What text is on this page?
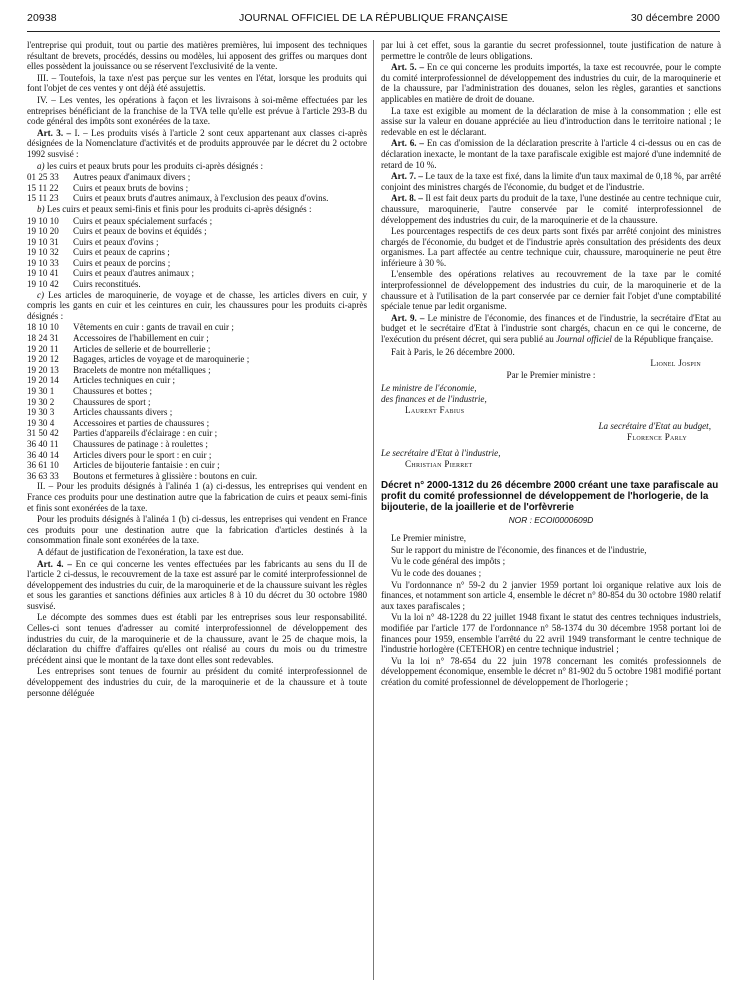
20938	JOURNAL OFFICIEL DE LA RÉPUBLIQUE FRANÇAISE	30 décembre 2000

l'entreprise qui produit, tout ou partie des matières premières, lui imposent des techniques résultant de brevets, procédés, dessins ou modèles, lui apposent des griffes ou marques dont elles possèdent la jouissance ou se réservent l'exclusivité de la vente.

III. – Toutefois, la taxe n'est pas perçue sur les ventes en l'état, lorsque les produits qui font l'objet de ces ventes y ont déjà été assujettis.

IV. – Les ventes, les opérations à façon et les livraisons à soi-même effectuées par les entreprises bénéficiant de la franchise de la TVA telle qu'elle est prévue à l'article 293-B du code général des impôts sont exonérées de la taxe.

Art. 3. – I. – Les produits visés à l'article 2 sont ceux appartenant aux classes ci-après désignées de la Nomenclature d'activités et de produits approuvée par le décret du 2 octobre 1992 susvisé :

a) les cuirs et peaux bruts pour les produits ci-après désignés :

01 25 33 Autres peaux d'animaux divers ;
15 11 22 Cuirs et peaux bruts de bovins ;
15 11 23 Cuirs et peaux bruts d'autres animaux, à l'exclusion des peaux d'ovins.

b) Les cuirs et peaux semi-finis et finis pour les produits ci-après désignés :

19 10 10 Cuirs et peaux spécialement surfacés ;
19 10 20 Cuirs et peaux de bovins et équidés ;
19 10 31 Cuirs et peaux d'ovins ;
19 10 32 Cuirs et peaux de caprins ;
19 10 33 Cuirs et peaux de porcins ;
19 10 41 Cuirs et peaux d'autres animaux ;
19 10 42 Cuirs reconstitués.

c) Les articles de maroquinerie, de voyage et de chasse, les articles divers en cuir, y compris les gants en cuir et les ceintures en cuir, les chaussures pour les produits ci-après désignés :

18 10 10 Vêtements en cuir : gants de travail en cuir ;
18 24 31 Accessoires de l'habillement en cuir ;
19 20 11 Articles de sellerie et de bourrellerie ;
19 20 12 Bagages, articles de voyage et de maroquinerie ;
19 20 13 Bracelets de montre non métalliques ;
19 20 14 Articles techniques en cuir ;
19 30 1 Chaussures et bottes ;
19 30 2 Chaussures de sport ;
19 30 3 Articles chaussants divers ;
19 30 4 Accessoires et parties de chaussures ;
31 50 42 Parties d'appareils d'éclairage : en cuir ;
36 40 11 Chaussures de patinage : à roulettes ;
36 40 14 Articles divers pour le sport : en cuir ;
36 61 10 Articles de bijouterie fantaisie : en cuir ;
36 63 33 Boutons et fermetures à glissière : boutons en cuir.

II. – Pour les produits désignés à l'alinéa 1 (a) ci-dessus, les entreprises qui vendent en France ces produits pour une destination autre que la fabrication de cuirs et peaux semi-finis et finis sont exonérées de la taxe.

Pour les produits désignés à l'alinéa 1 (b) ci-dessus, les entreprises qui vendent en France ces produits pour une destination autre que la fabrication d'articles destinés à la consommation finale sont exonérées de la taxe.

A défaut de justification de l'exonération, la taxe est due.

Art. 4. – En ce qui concerne les ventes effectuées par les fabricants au sens du II de l'article 2 ci-dessus, le recouvrement de la taxe est assuré par le comité interprofessionnel de développement des industries du cuir, de la maroquinerie et de la chaussure suivant les règles et sous les garanties et sanctions définies aux articles 8 à 10 du décret du 30 octobre 1980 susvisé.

Le décompte des sommes dues est établi par les entreprises sous leur responsabilité. Celles-ci sont tenues d'adresser au comité interprofessionnel de développement des industries du cuir, de la maroquinerie et de la chaussure, avant le 25 de chaque mois, la déclaration du chiffre d'affaires qu'elles ont réalisé au cours du mois ou du trimestre précédent ainsi que le montant de la taxe dont elles sont redevables.

Les entreprises sont tenues de fournir au président du comité interprofessionnel de développement des industries du cuir, de la maroquinerie et de la chaussure et à toute personne déléguée

par lui à cet effet, sous la garantie du secret professionnel, toute justification de nature à permettre le contrôle de leurs obligations.

Art. 5. – En ce qui concerne les produits importés, la taxe est recouvrée, pour le compte du comité interprofessionnel de développement des industries du cuir, de la maroquinerie et de la chaussure, par l'administration des douanes, selon les règles, garanties et sanctions applicables en matière de droit de douane.

La taxe est exigible au moment de la déclaration de mise à la consommation ; elle est assise sur la valeur en douane appréciée au lieu d'introduction dans le territoire national ; le redevable en est le déclarant.

Art. 6. – En cas d'omission de la déclaration prescrite à l'article 4 ci-dessus ou en cas de déclaration inexacte, le montant de la taxe parafiscale exigible est majoré d'une indemnité de retard de 10 %.

Art. 7. – Le taux de la taxe est fixé, dans la limite d'un taux maximal de 0,18 %, par arrêté conjoint des ministres chargés de l'économie, du budget et de l'industrie.

Art. 8. – Il est fait deux parts du produit de la taxe, l'une destinée au centre technique cuir, chaussure, maroquinerie, l'autre conservée par le comité interprofessionnel de développement des industries du cuir, de la maroquinerie et de la chaussure.

Les pourcentages respectifs de ces deux parts sont fixés par arrêté conjoint des ministres chargés de l'économie, du budget et de l'industrie après consultation des présidents des deux organismes. La part affectée au centre technique cuir, chaussure, maroquinerie ne peut être inférieure à 30 %.

L'ensemble des opérations relatives au recouvrement de la taxe par le comité interprofessionnel de développement des industries du cuir, de la maroquinerie et de la chaussure et à l'utilisation de la part conservée par ce dernier fait l'objet d'une comptabilité spéciale tenue par ledit organisme.

Art. 9. – Le ministre de l'économie, des finances et de l'industrie, la secrétaire d'Etat au budget et le secrétaire d'Etat à l'industrie sont chargés, chacun en ce qui le concerne, de l'exécution du présent décret, qui sera publié au Journal officiel de la République française.

Fait à Paris, le 26 décembre 2000.

Lionel Jospin

Par le Premier ministre :

Le ministre de l'économie,

des finances et de l'industrie,

Laurent Fabius

La secrétaire d'Etat au budget,

Florence Parly

Le secrétaire d'Etat à l'industrie,

Christian Pierret

Décret n° 2000-1312 du 26 décembre 2000 créant une taxe parafiscale au profit du comité professionnel de développement de l'horlogerie, de la bijouterie, de la joaillerie et de l'orfèvrerie

NOR : ECOI0000609D

Le Premier ministre,

Sur le rapport du ministre de l'économie, des finances et de l'industrie,

Vu le code général des impôts ;

Vu le code des douanes ;

Vu l'ordonnance n° 59-2 du 2 janvier 1959 portant loi organique relative aux lois de finances, et notamment son article 4, ensemble le décret n° 80-854 du 30 octobre 1980 relatif aux taxes parafiscales ;

Vu la loi n° 48-1228 du 22 juillet 1948 fixant le statut des centres techniques industriels, modifiée par l'article 177 de l'ordonnance n° 58-1374 du 30 décembre 1958 portant loi de finances pour 1959, ensemble l'arrêté du 22 avril 1949 transformant le centre technique de l'industrie horlogère (CETEHOR) en centre technique industriel ;

Vu la loi n° 78-654 du 22 juin 1978 concernant les comités professionnels de développement économique, ensemble le décret n° 81-902 du 5 octobre 1981 modifié portant création du comité professionnel de développement de l'horlogerie ;
